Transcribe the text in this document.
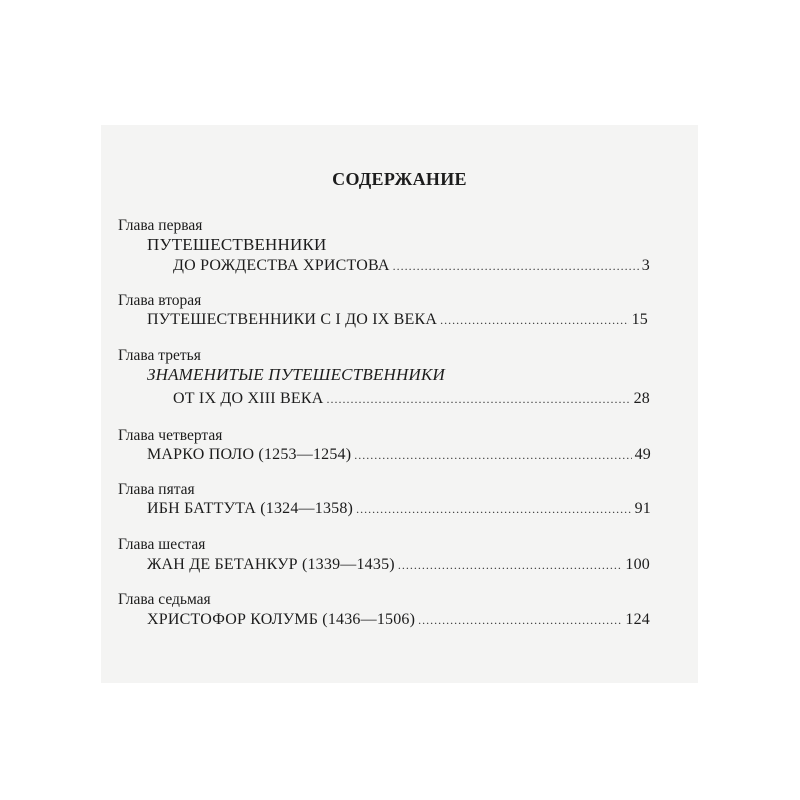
СОДЕРЖАНИЕ
Глава первая
ПУТЕШЕСТВЕННИКИ
ДО РОЖДЕСТВА ХРИСТОВА .....	3
Глава вторая
ПУТЕШЕСТВЕННИКИ С I ДО IX ВЕКА .....	15
Глава третья
ЗНАМЕНИТЫЕ ПУТЕШЕСТВЕННИКИ
ОТ IX ДО XIII ВЕКА .....	28
Глава четвертая
МАРКО ПОЛО (1253—1254) .....	49
Глава пятая
ИБН БАТТУТА (1324—1358) .....	91
Глава шестая
ЖАН ДЕ БЕТАНКУР (1339—1435) .....	100
Глава седьмая
ХРИСТОФОР КОЛУМБ (1436—1506) .....	124
